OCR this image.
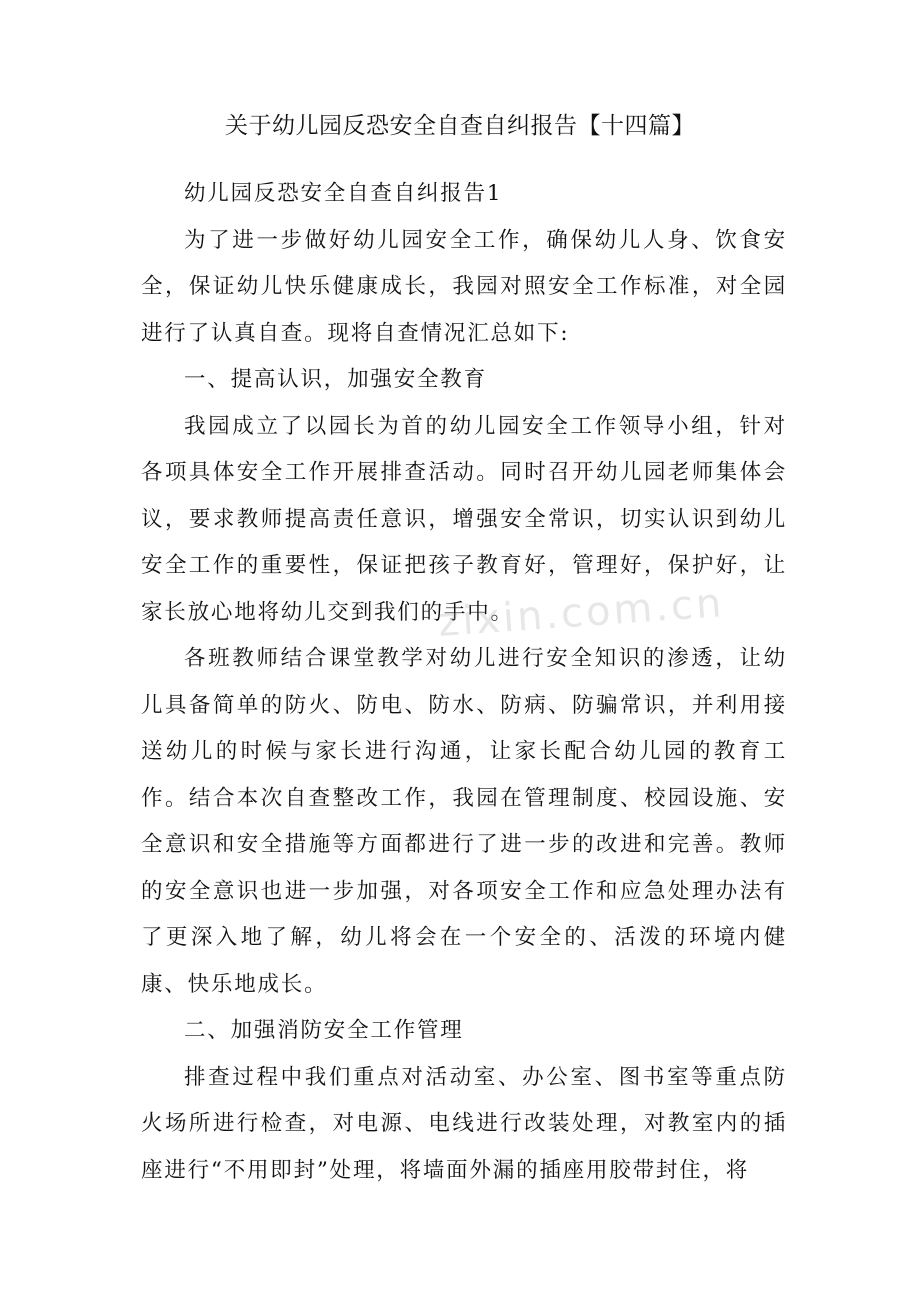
关于幼儿园反恐安全自查自纠报告【十四篇】

幼儿园反恐安全自查自纠报告1

为了进一步做好幼儿园安全工作，确保幼儿人身、饮食安全，保证幼儿快乐健康成长，我园对照安全工作标准，对全园进行了认真自查。现将自查情况汇总如下:

一、提高认识，加强安全教育

我园成立了以园长为首的幼儿园安全工作领导小组，针对各项具体安全工作开展排查活动。同时召开幼儿园老师集体会议，要求教师提高责任意识，增强安全常识，切实认识到幼儿安全工作的重要性，保证把孩子教育好，管理好，保护好，让家长放心地将幼儿交到我们的手中。

各班教师结合课堂教学对幼儿进行安全知识的渗透，让幼儿具备简单的防火、防电、防水、防病、防骗常识，并利用接送幼儿的时候与家长进行沟通，让家长配合幼儿园的教育工作。结合本次自查整改工作，我园在管理制度、校园设施、安全意识和安全措施等方面都进行了进一步的改进和完善。教师的安全意识也进一步加强，对各项安全工作和应急处理办法有了更深入地了解，幼儿将会在一个安全的、活泼的环境内健康、快乐地成长。

二、加强消防安全工作管理

排查过程中我们重点对活动室、办公室、图书室等重点防火场所进行检查，对电源、电线进行改装处理，对教室内的插座进行“不用即封”处理，将墙面外漏的插座用胶带封住，将

zixin.com.cn
